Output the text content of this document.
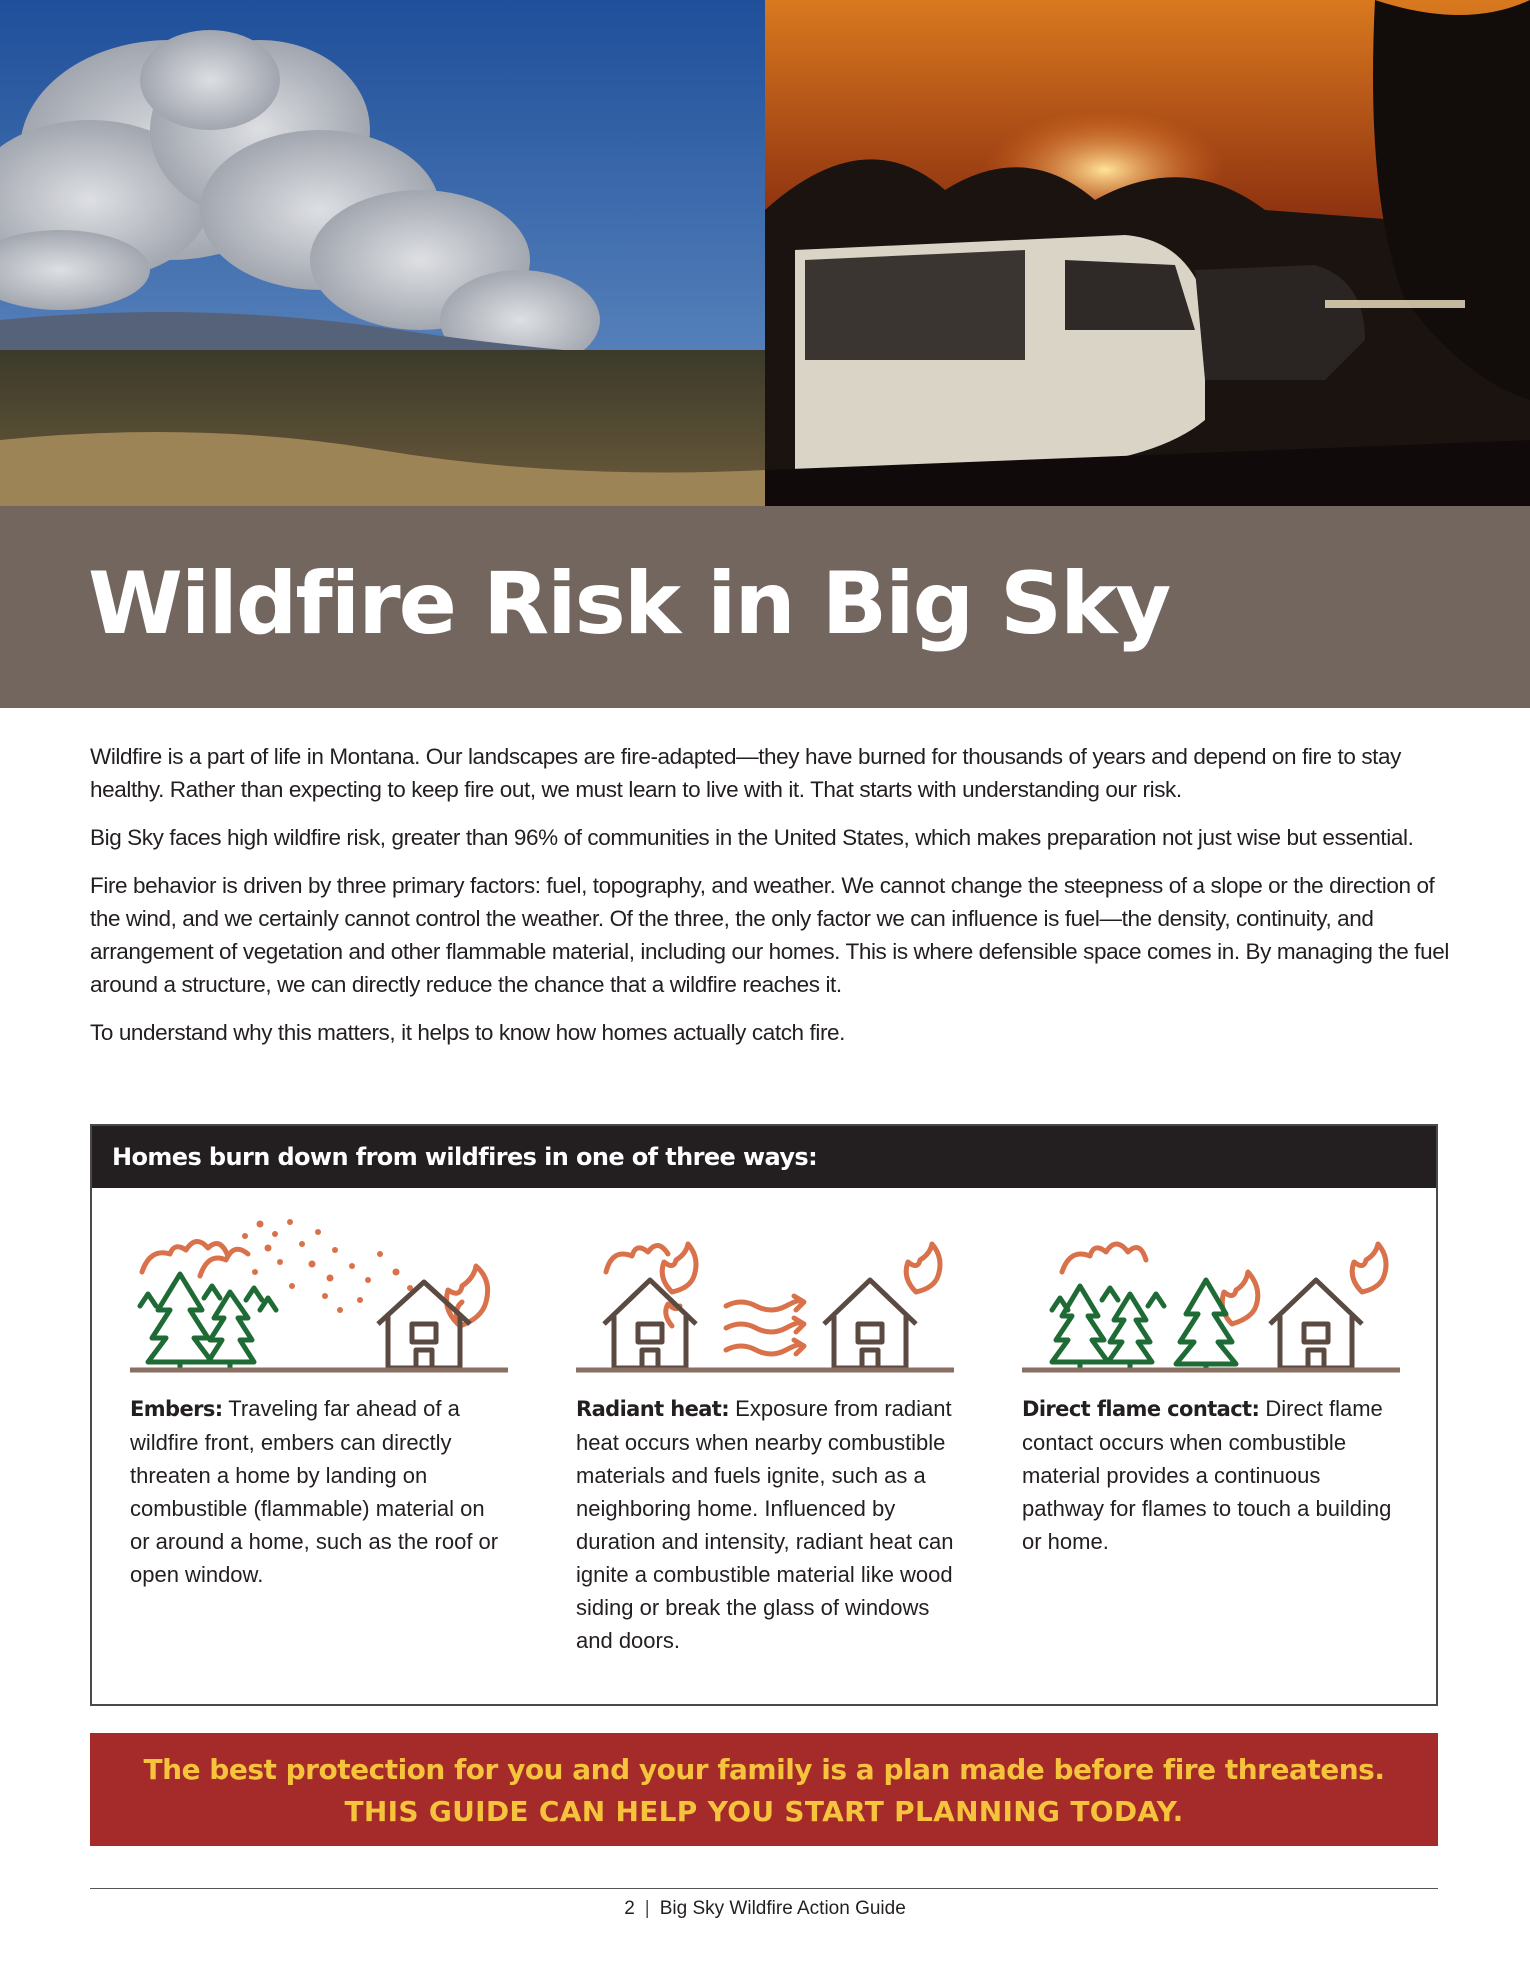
Wildfire Risk in Big Sky

Wildfire is a part of life in Montana. Our landscapes are fire-adapted—they have burned for thousands of years and depend on fire to stay healthy. Rather than expecting to keep fire out, we must learn to live with it. That starts with understanding our risk.

Big Sky faces high wildfire risk, greater than 96% of communities in the United States, which makes preparation not just wise but essential.

Fire behavior is driven by three primary factors: fuel, topography, and weather. We cannot change the steepness of a slope or the direction of the wind, and we certainly cannot control the weather. Of the three, the only factor we can influence is fuel—the density, continuity, and arrangement of vegetation and other flammable material, including our homes. This is where defensible space comes in. By managing the fuel around a structure, we can directly reduce the chance that a wildfire reaches it.

To understand why this matters, it helps to know how homes actually catch fire.

Homes burn down from wildfires in one of three ways:

Embers: Traveling far ahead of a wildfire front, embers can directly threaten a home by landing on combustible (flammable) material on or around a home, such as the roof or open window.

Radiant heat: Exposure from radiant heat occurs when nearby combustible materials and fuels ignite, such as a neighboring home. Influenced by duration and intensity, radiant heat can ignite a combustible material like wood siding or break the glass of windows and doors.

Direct flame contact: Direct flame contact occurs when combustible material provides a continuous pathway for flames to touch a building or home.

The best protection for you and your family is a plan made before fire threatens.
THIS GUIDE CAN HELP YOU START PLANNING TODAY.
2 | Big Sky Wildfire Action Guide
